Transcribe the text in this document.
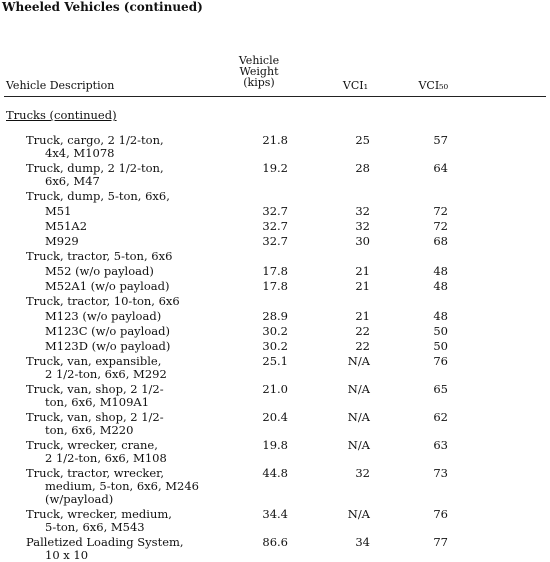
Wheeled Vehicles (continued)
Vehicle Description
Vehicle
Weight
(kips)	VCI₁	VCI₅₀
Trucks (continued)
Truck, cargo, 2 1/2-ton,
4x4, M1078
21.8	25	57
Truck, dump, 2 1/2-ton,
6x6, M47
19.2	28	64
Truck, dump, 5-ton, 6x6,
M51	32.7	32	72
M51A2	32.7	32	72
M929	32.7	30	68
Truck, tractor, 5-ton, 6x6
M52 (w/o payload)	17.8	21	48
M52A1 (w/o payload)	17.8	21	48
Truck, tractor, 10-ton, 6x6
M123 (w/o payload)	28.9	21	48
M123C (w/o payload)	30.2	22	50
M123D (w/o payload)	30.2	22	50
Truck, van, expansible,
2 1/2-ton, 6x6, M292
25.1	N/A	76
Truck, van, shop, 2 1/2-
ton, 6x6, M109A1
21.0	N/A	65
Truck, van, shop, 2 1/2-
ton, 6x6, M220
20.4	N/A	62
Truck, wrecker, crane,
2 1/2-ton, 6x6, M108
19.8	N/A	63
Truck, tractor, wrecker,
medium, 5-ton, 6x6, M246
(w/payload)
44.8	32	73
Truck, wrecker, medium,
5-ton, 6x6, M543
34.4	N/A	76
Palletized Loading System,
10 x 10
86.6	34	77
